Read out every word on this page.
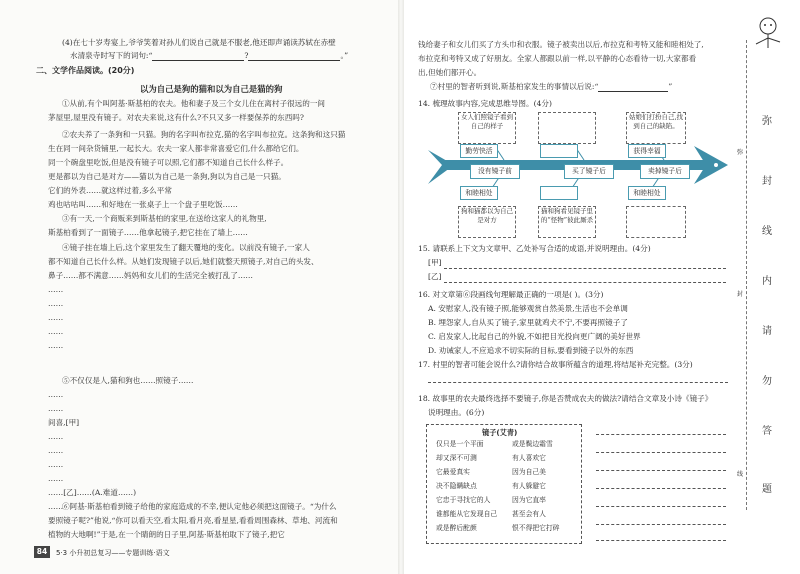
(4)在七十岁寿宴上,爷爷笑着对孙儿们说自己就是不服老,他还即声诵读苏轼在赤壁
水清泉寺时写下的词句:“	?	。”
二、文学作品阅读。(20分)
以为自己是狗的猫和以为自己是猫的狗
①从前,有个叫阿基·斯基柏的农夫。他和妻子及三个女儿住在离村子很远的一间
茅屋里,屋里没有镜子。对农夫来说,这有什么?不只又多一样要保养的东西吗?
②农夫养了一条狗和一只猫。狗的名字叫布拉克,猫的名字叫布拉克。这条狗和这只猫
生在同一间杂货铺里,一起长大。农夫一家人都非常喜爱它们,什么都给它们。
同一个碗盘里吃饭,但是没有镜子可以照,它们都不知道自己长什么样子。
更是都以为自己是对方——猫以为自己是一条狗,狗以为自己是一只猫。
它们的外表……就这样过着,多么平常
鸡也咕咕叫……和好地在一张桌子上一个盘子里吃饭……
③有一天,一个商贩来到斯基柏的家里,在送给这家人的礼物里,
斯基柏看到了一面镜子……他拿起镜子,把它挂在了墙上……
④镜子挂在墙上后,这个家里发生了翻天覆地的变化。以前没有镜子,一家人
都不知道自己长什么样。从她们发现镜子以后,她们就整天照镜子,对自己的头发、
鼻子……都不满意……妈妈和女儿们的生活完全被打乱了……
……
……
……
……
……
⑤不仅仅是人,猫和狗也……照镜子……
……
……
间喜,[甲]
……
……
……
……
……[乙]……(A.难道……)
……
⑥阿基·斯基柏看到镜子给他的家庭造成的不幸,便认定他必须把这面镜子。“为什么
要照镜子呢?”他说,“你可以看天空,看太阳,看月亮,看星星,看看周围森林、草地、河流和
植物的大地啊!”于是,在一个睛朗的日子里,阿基·斯基柏取下了镜子,把它
84	5·3 小升初总复习——专题训练·语文
钱给妻子和女儿们买了方头巾和衣服。镜子被卖出以后,布拉克和考特又能和睦相处了,
布拉克和考特又成了好朋友。全家人都跟以前一样,以平静的心态看待一切,大家都看
出,但她们都开心。
⑦村里的智者听到说,斯基柏家发生的事情以后说:“	”
14. 梳理故事内容,完成思维导图。(4分)
女人们照镜子看到自己的样子
姑娘们打扮自己,找到自己的缺陷。
勤劳快活	获得幸福
没有镜子前	买了镜子后	卖掉镜子后
和睦相处	和睦相处
狗和猫都以为自己是对方
猫和狗看见镜子里的“怪物”彼此厮杀
15. 请联系上下文为文章甲、乙处补写合适的成语,并说明理由。(4分)
[甲]
[乙]
16. 对文章第⑥段画线句理解最正确的一项是( )。(3分)
A. 安慰家人,没有镜子照,能够观赏自然美景,生活也不会单调
B. 埋怨家人,自从买了镜子,家里就鸡犬不宁,不要再照镜子了
C. 启发家人,比起自己的外貌,不如把目光投向更广阔的美好世界
D. 劝诫家人,不应追求不切实际的目标,要看到镜子以外的东西
17. 村里的智者可能会说什么?请你结合故事所蕴含的道理,将结尾补充完整。(3分)
18. 故事里的农夫最终选择不要镜子,你是否赞成农夫的做法?请结合文章及小诗《镜子》
说明理由。(6分)
镜子(艾青)
仅只是一个平面
却又深不可测
它最爱真实
决不隐瞒缺点
它忠于寻找它的人
谁都能从它发现自己
或是醉后酡颜
或是鬓边霜雪
有人喜欢它
因为自己美
有人躲避它
因为它直率
甚至会有人
恨不得把它打碎
弥
封
线
弥
封
线
内
请
勿
答
题
